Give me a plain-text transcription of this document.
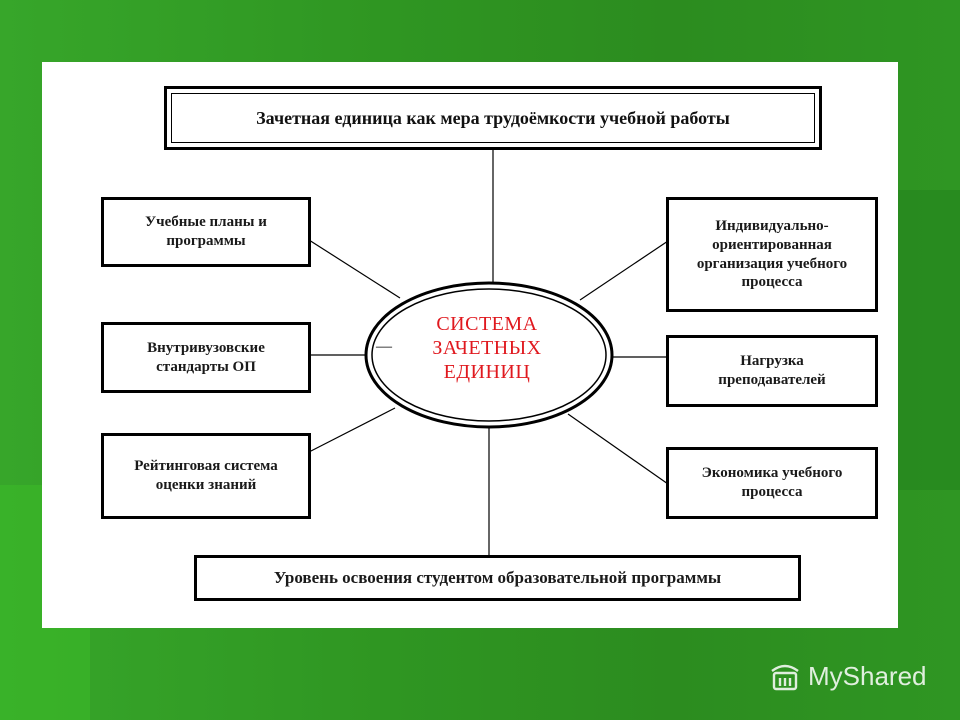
Зачетная единица как мера трудоёмкости учебной работы
Учебные планы и программы
Внутривузовские стандарты ОП
Рейтинговая система оценки знаний
Индивидуально-ориентированная организация учебного процесса
Нагрузка преподавателей
Экономика учебного процесса
Уровень освоения студентом образовательной программы
СИСТЕМА
ЗАЧЕТНЫХ
ЕДИНИЦ
—
MyShared
